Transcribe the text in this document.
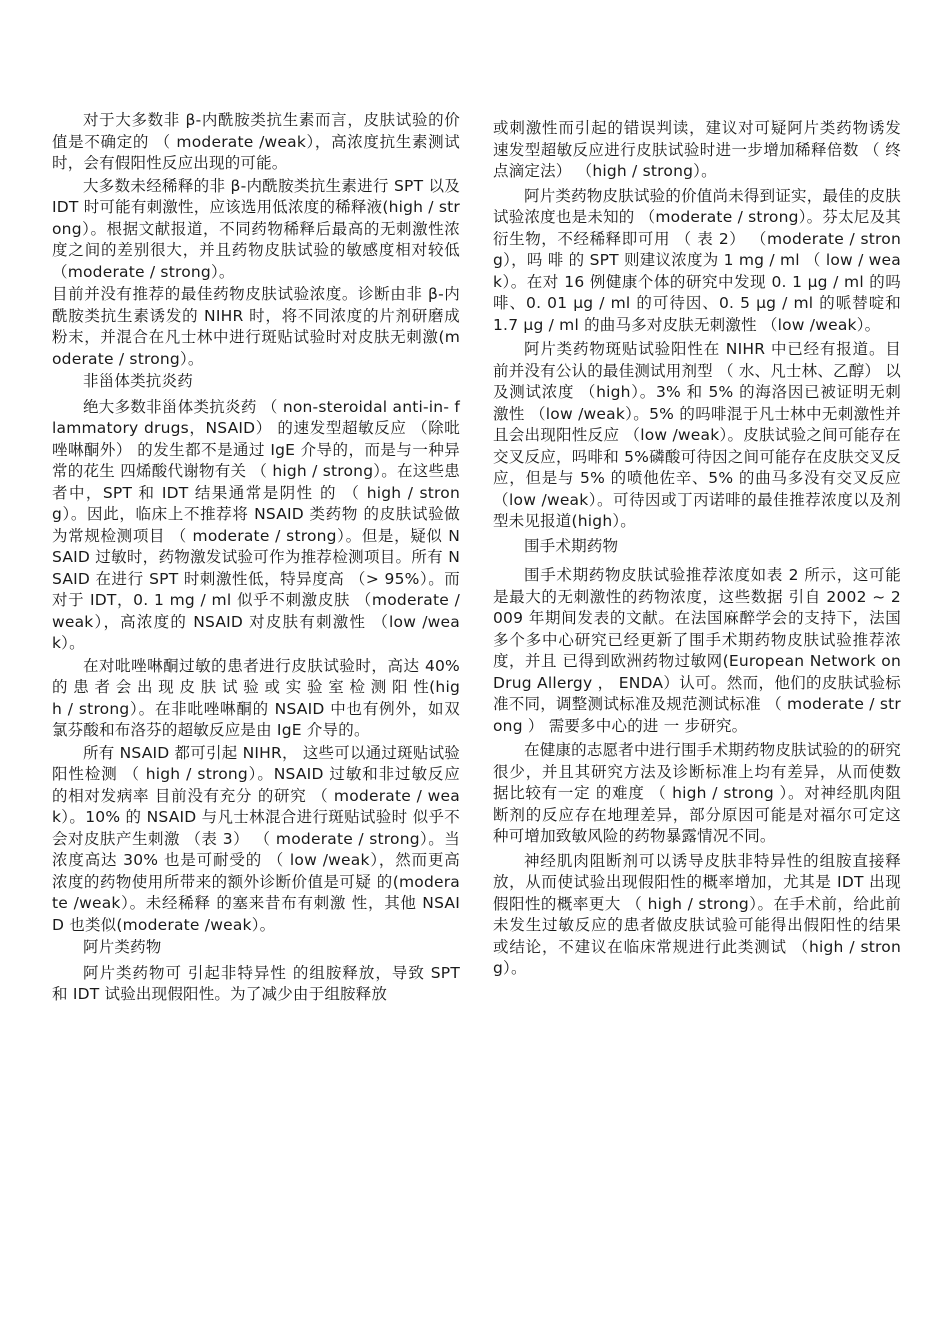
对于大多数非 β-内酰胺类抗生素而言，皮肤试验的价值是不确定的 （ moderate /weak），高浓度抗生素测试时，会有假阳性反应出现的可能。

大多数未经稀释的非 β-内酰胺类抗生素进行 SPT 以及 IDT 时可能有刺激性，应该选用低浓度的稀释液(high / strong）。根据文献报道，不同药物稀释后最高的无刺激性浓度之间的差别很大，并且药物皮肤试验的敏感度相对较低 （moderate / strong）。

目前并没有推荐的最佳药物皮肤试验浓度。诊断由非 β-内酰胺类抗生素诱发的 NIHR 时，将不同浓度的片剂研磨成粉末，并混合在凡士林中进行斑贴试验时对皮肤无刺激(moderate / strong）。

非甾体类抗炎药

绝大多数非甾体类抗炎药 （ non-steroidal anti-in- flammatory drugs，NSAID） 的速发型超敏反应 （除吡唑啉酮外） 的发生都不是通过 IgE 介导的，而是与一种异常的花生 四烯酸代谢物有关 （ high / strong）。在这些患者中，SPT 和 IDT 结果通常是阴性 的 （ high / strong）。因此，临床上不推荐将 NSAID 类药物 的皮肤试验做为常规检测项目 （ moderate / strong）。但是，疑似 NSAID 过敏时，药物激发试验可作为推荐检测项目。所有 NSAID 在进行 SPT 时刺激性低，特异度高 （> 95%）。而对于 IDT，0. 1 mg / ml 似乎不刺激皮肤 （moderate /weak），高浓度的 NSAID 对皮肤有刺激性 （low /weak）。

在对吡唑啉酮过敏的患者进行皮肤试验时，高达 40% 的 患 者 会 出 现 皮 肤 试 验 或 实 验 室 检 测 阳 性(high / strong）。在非吡唑啉酮的 NSAID 中也有例外，如双氯芬酸和布洛芬的超敏反应是由 IgE 介导的。

所有 NSAID 都可引起 NIHR， 这些可以通过斑贴试验阳性检测 （ high / strong）。NSAID 过敏和非过敏反应的相对发病率 目前没有充分 的研究 （ moderate / weak）。10% 的 NSAID 与凡士林混合进行斑贴试验时 似乎不会对皮肤产生刺激 （表 3） （ moderate / strong）。当浓度高达 30% 也是可耐受的 （ low /weak），然而更高浓度的药物使用所带来的额外诊断价值是可疑 的(moderate /weak）。未经稀释 的塞来昔布有刺激 性，其他 NSAID 也类似(moderate /weak）。

阿片类药物

阿片类药物可 引起非特异性 的组胺释放，导致 SPT 和 IDT 试验出现假阳性。为了减少由于组胺释放

或刺激性而引起的错误判读，建议对可疑阿片类药物诱发速发型超敏反应进行皮肤试验时进一步增加稀释倍数 （ 终点滴定法） （high / strong）。

阿片类药物皮肤试验的价值尚未得到证实，最佳的皮肤试验浓度也是未知的 （moderate / strong）。芬太尼及其衍生物，不经稀释即可用 （ 表 2） （moderate / strong），吗 啡 的 SPT 则建议浓度为 1 mg / ml （ low / weak）。在对 16 例健康个体的研究中发现 0. 1 μg / ml 的吗啡、0. 01 μg / ml 的可待因、0. 5 μg / ml 的哌替啶和 1.7 μg / ml 的曲马多对皮肤无刺激性 （low /weak）。

阿片类药物斑贴试验阳性在 NIHR 中已经有报道。目前并没有公认的最佳测试用剂型 （ 水、凡士林、乙醇） 以及测试浓度 （high）。3% 和 5% 的海洛因已被证明无刺激性 （low /weak）。5% 的吗啡混于凡士林中无刺激性并且会出现阳性反应 （low /weak）。皮肤试验之间可能存在交叉反应，吗啡和 5%磷酸可待因之间可能存在皮肤交叉反应，但是与 5% 的喷他佐辛、5% 的曲马多没有交叉反应 （low /weak）。可待因或丁丙诺啡的最佳推荐浓度以及剂型未见报道(high）。

围手术期药物

围手术期药物皮肤试验推荐浓度如表 2 所示，这可能是最大的无刺激性的药物浓度，这些数据 引自 2002 ~ 2009 年期间发表的文献。在法国麻醉学会的支持下，法国多个多中心研究已经更新了围手术期药物皮肤试验推荐浓度，并且 已得到欧洲药物过敏网(European Network on Drug Allergy ， ENDA）认可。然而，他们的皮肤试验标准不同，调整测试标准及规范测试标准 （ moderate / strong ） 需要多中心的进 一 步研究。

在健康的志愿者中进行围手术期药物皮肤试验的的研究很少，并且其研究方法及诊断标准上均有差异，从而使数据比较有一定 的难度 （ high / strong ）。对神经肌肉阻断剂的反应存在地理差异，部分原因可能是对福尔可定这种可增加致敏风险的药物暴露情况不同。

神经肌肉阻断剂可以诱导皮肤非特异性的组胺直接释放，从而使试验出现假阳性的概率增加，尤其是 IDT 出现假阳性的概率更大 （ high / strong）。在手术前，给此前未发生过敏反应的患者做皮肤试验可能得出假阳性的结果或结论，不建议在临床常规进行此类测试 （high / strong）。
